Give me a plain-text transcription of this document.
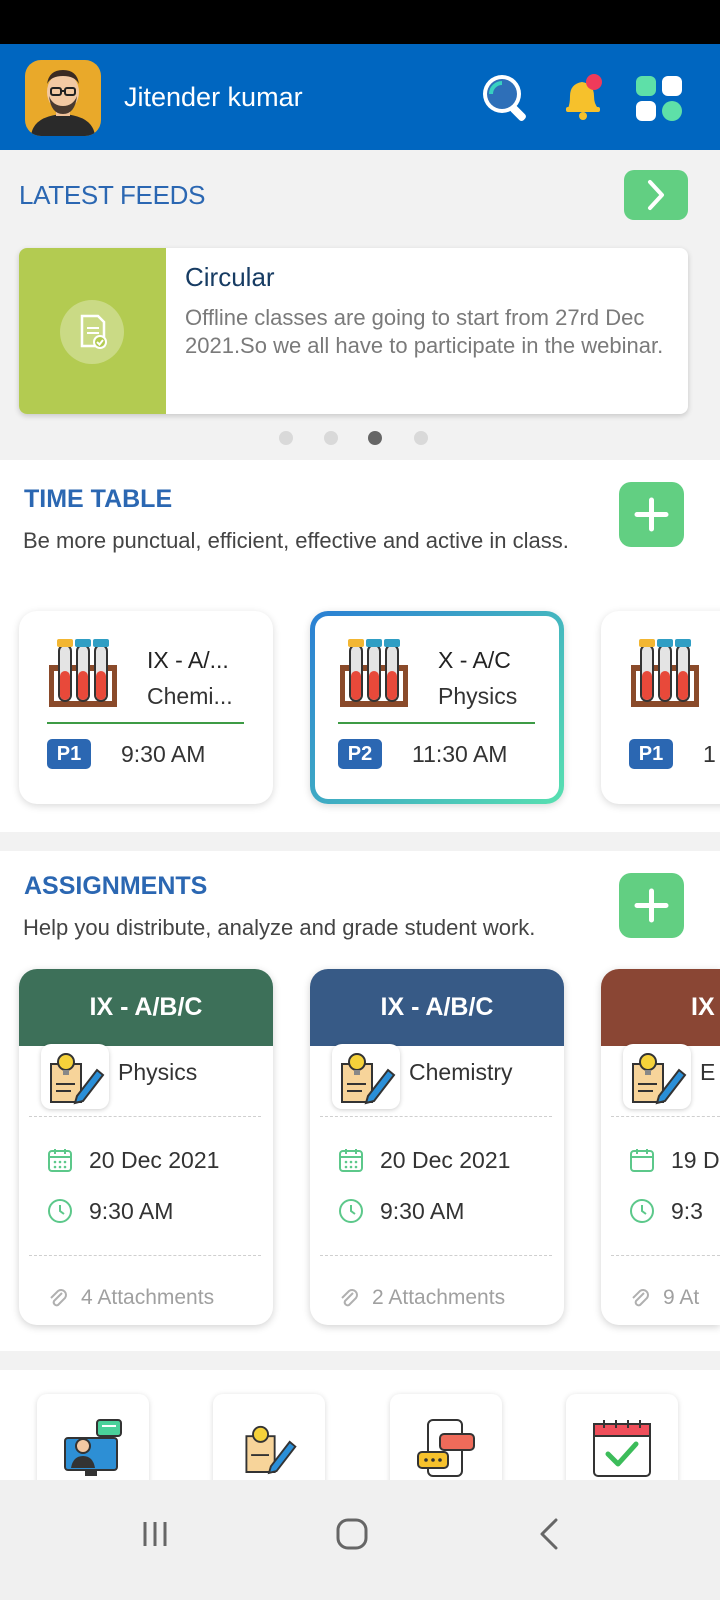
Jitender kumar
LATEST FEEDS
Circular
Offline classes are going to start from 27rd Dec 2021.So we all have to participate in the webinar.
TIME TABLE
Be more punctual, efficient, effective and active in class.
IX - A/...
Chemi...
P1	9:30 AM
X - A/C
Physics
P2	11:30 AM	P1	1
ASSIGNMENTS
Help you distribute, analyze and grade student work.
IX - A/B/C
Physics
20 Dec 2021
9:30 AM
4 Attachments
IX - A/B/C
Chemistry
20 Dec 2021
9:30 AM
2 Attachments
IX
E
19 D
9:3
9 At
